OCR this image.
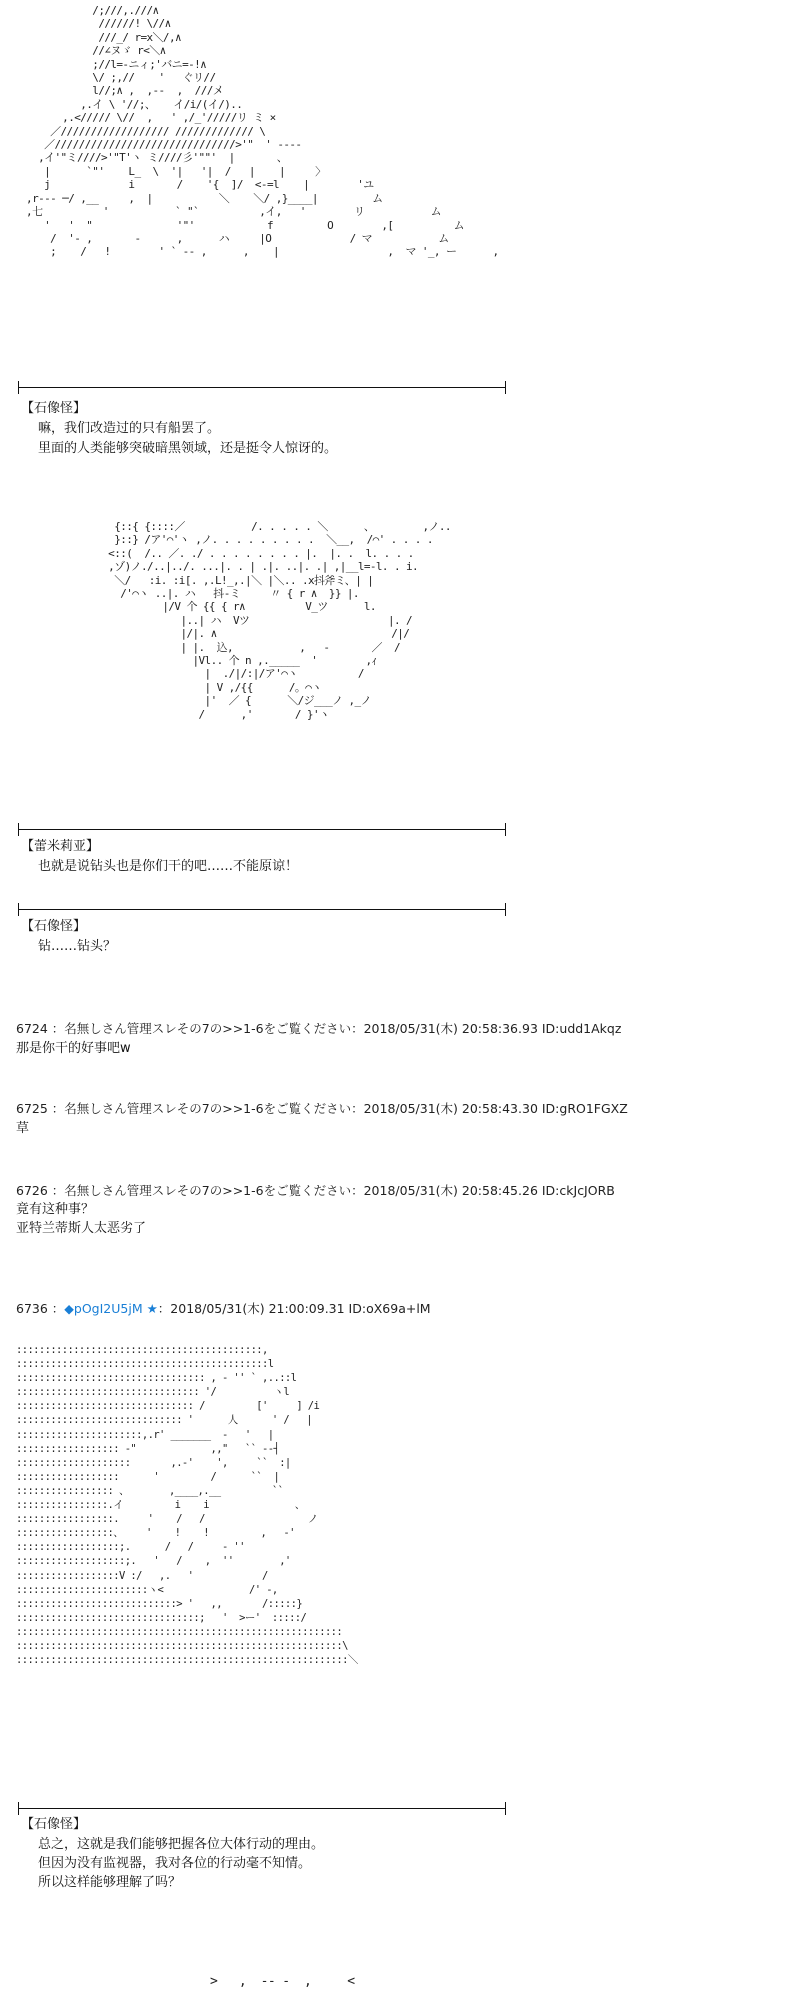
/;///,.///∧
//////! \//∧
///_/ r=x＼/,∧
//∠ヌゞ r<＼∧
;//l=-ニィ;'バニ=-!∧
\/ ;,//    '   ぐリ//
l//;∧ ,  ,--  ,  ///メ
,.イ \ '//;、   イ/i/(イ/)..
,.<///// \//  ,   ' ,/_'/////リ ミ ×
／////////////////// ///////////// \
／//////////////////////////////>'"  ' ----
,イ'"ミ////>'"T'ヽ ミ////彡'""'  |       、
|      `"'    L_  \  '|   '|  /   |    |     〉
j             i       /    '{  ]/  <-=l    |        'ユ
,r--- ─/ ,__     ,  |           ＼    ＼/ ,}____|         ム
,七          '           ` "`          ,イ,   '        リ           ム
'   '  "              '"'            f         O        ,[          ム
/  '- ,       -      ,      ハ     |O             / マ           ム
;    /   !        ' ` -- ,      ,    |                  ,  マ '_, ー      ,
【石像怪】
嘛，我们改造过的只有船罢了。
里面的人类能够突破暗黑领域，还是挺令人惊讶的。
{::{ {::::／           /. . . . . ＼      、        ,ノ..
}::} /ア'⌒'ヽ ,ノ. . . . . . . . .  ＼__,  /⌒' . . . .
<::(  /.. ／. ./ . . . . . . . . |.  |. .  l. . . .
,ゾ)ノ./..|../. ...|. . | .|. ..|. .| ,|__l=-l. . i.
＼/   :i. :i[. ,.L!_,.|＼ |＼.. .x抖斧ミ、| |
/'⌒ヽ ..|. ハ   抖-ミ     〃 { r ∧  }} |.
|/V 个 {{ { r∧          V_ツ      l.
|..| ハ  Vツ                       |. /
|/|. ∧                             /|/
| |.  込,           ,   -       ／  /
|Vl.. 个 n ,._____  '        ,ｨ
|  ./|/:|/ア'⌒ヽ          /
| V ,/{{      /。⌒ヽ
|'  ／ {      ＼/ジ___ノ ,_ノ
/      ,'       / }'ヽ
【蕾米莉亚】
也就是说钻头也是你们干的吧……不能原谅！
【石像怪】
钻……钻头？
6724 ：名無しさん管理スレその7の>>1-6をご覧ください：2018/05/31(木) 20:58:36.93 ID:udd1Akqz
那是你干的好事吧w
6725 ：名無しさん管理スレその7の>>1-6をご覧ください：2018/05/31(木) 20:58:43.30 ID:gRO1FGXZ
草
6726 ：名無しさん管理スレその7の>>1-6をご覧ください：2018/05/31(木) 20:58:45.26 ID:ckJcJORB
竟有这种事？
亚特兰蒂斯人太恶劣了
6736 ：◆pOgI2U5jM ★：2018/05/31(木) 21:00:09.31 ID:oX69a+lM
:::::::::::::::::::::::::::::::::::::::::::,
::::::::::::::::::::::::::::::::::::::::::::l
::::::::::::::::::::::::::::::::: , - '' ` ,..::l
:::::::::::::::::::::::::::::::: '/          ヽl
::::::::::::::::::::::::::::::: /         ['     ] /i
::::::::::::::::::::::::::::: '      人      ' /   |
::::::::::::::::::::::,.r' _______  -   '   |
:::::::::::::::::: ‐"             ,,"   `` ‐‐┤
::::::::::::::::::::       ,.-'    ',     ``  :|
::::::::::::::::::      '         /      ``  |
::::::::::::::::: 、       ,____,.__         ``
::::::::::::::::.イ         i    i               、
:::::::::::::::::.     '    /   /                  ノ
:::::::::::::::::、    '    !    !         ,   -'
::::::::::::::::::;.      /   /     - ''
:::::::::::::::::::;.   '   /    ,  ''        ,'
::::::::::::::::::V :/   ,.   '            /
:::::::::::::::::::::::ヽ<               /' -,
::::::::::::::::::::::::::::> '   ,,       /:::::}
::::::::::::::::::::::::::::::::;   '  >ー'  :::::/
:::::::::::::::::::::::::::::::::::::::::::::::::::::::::
:::::::::::::::::::::::::::::::::::::::::::::::::::::::::\
::::::::::::::::::::::::::::::::::::::::::::::::::::::::::＼
【石像怪】
总之，这就是我们能够把握各位大体行动的理由。
但因为没有监视器，我对各位的行动毫不知情。
所以这样能够理解了吗？
>   ,  -- -  ,     <
